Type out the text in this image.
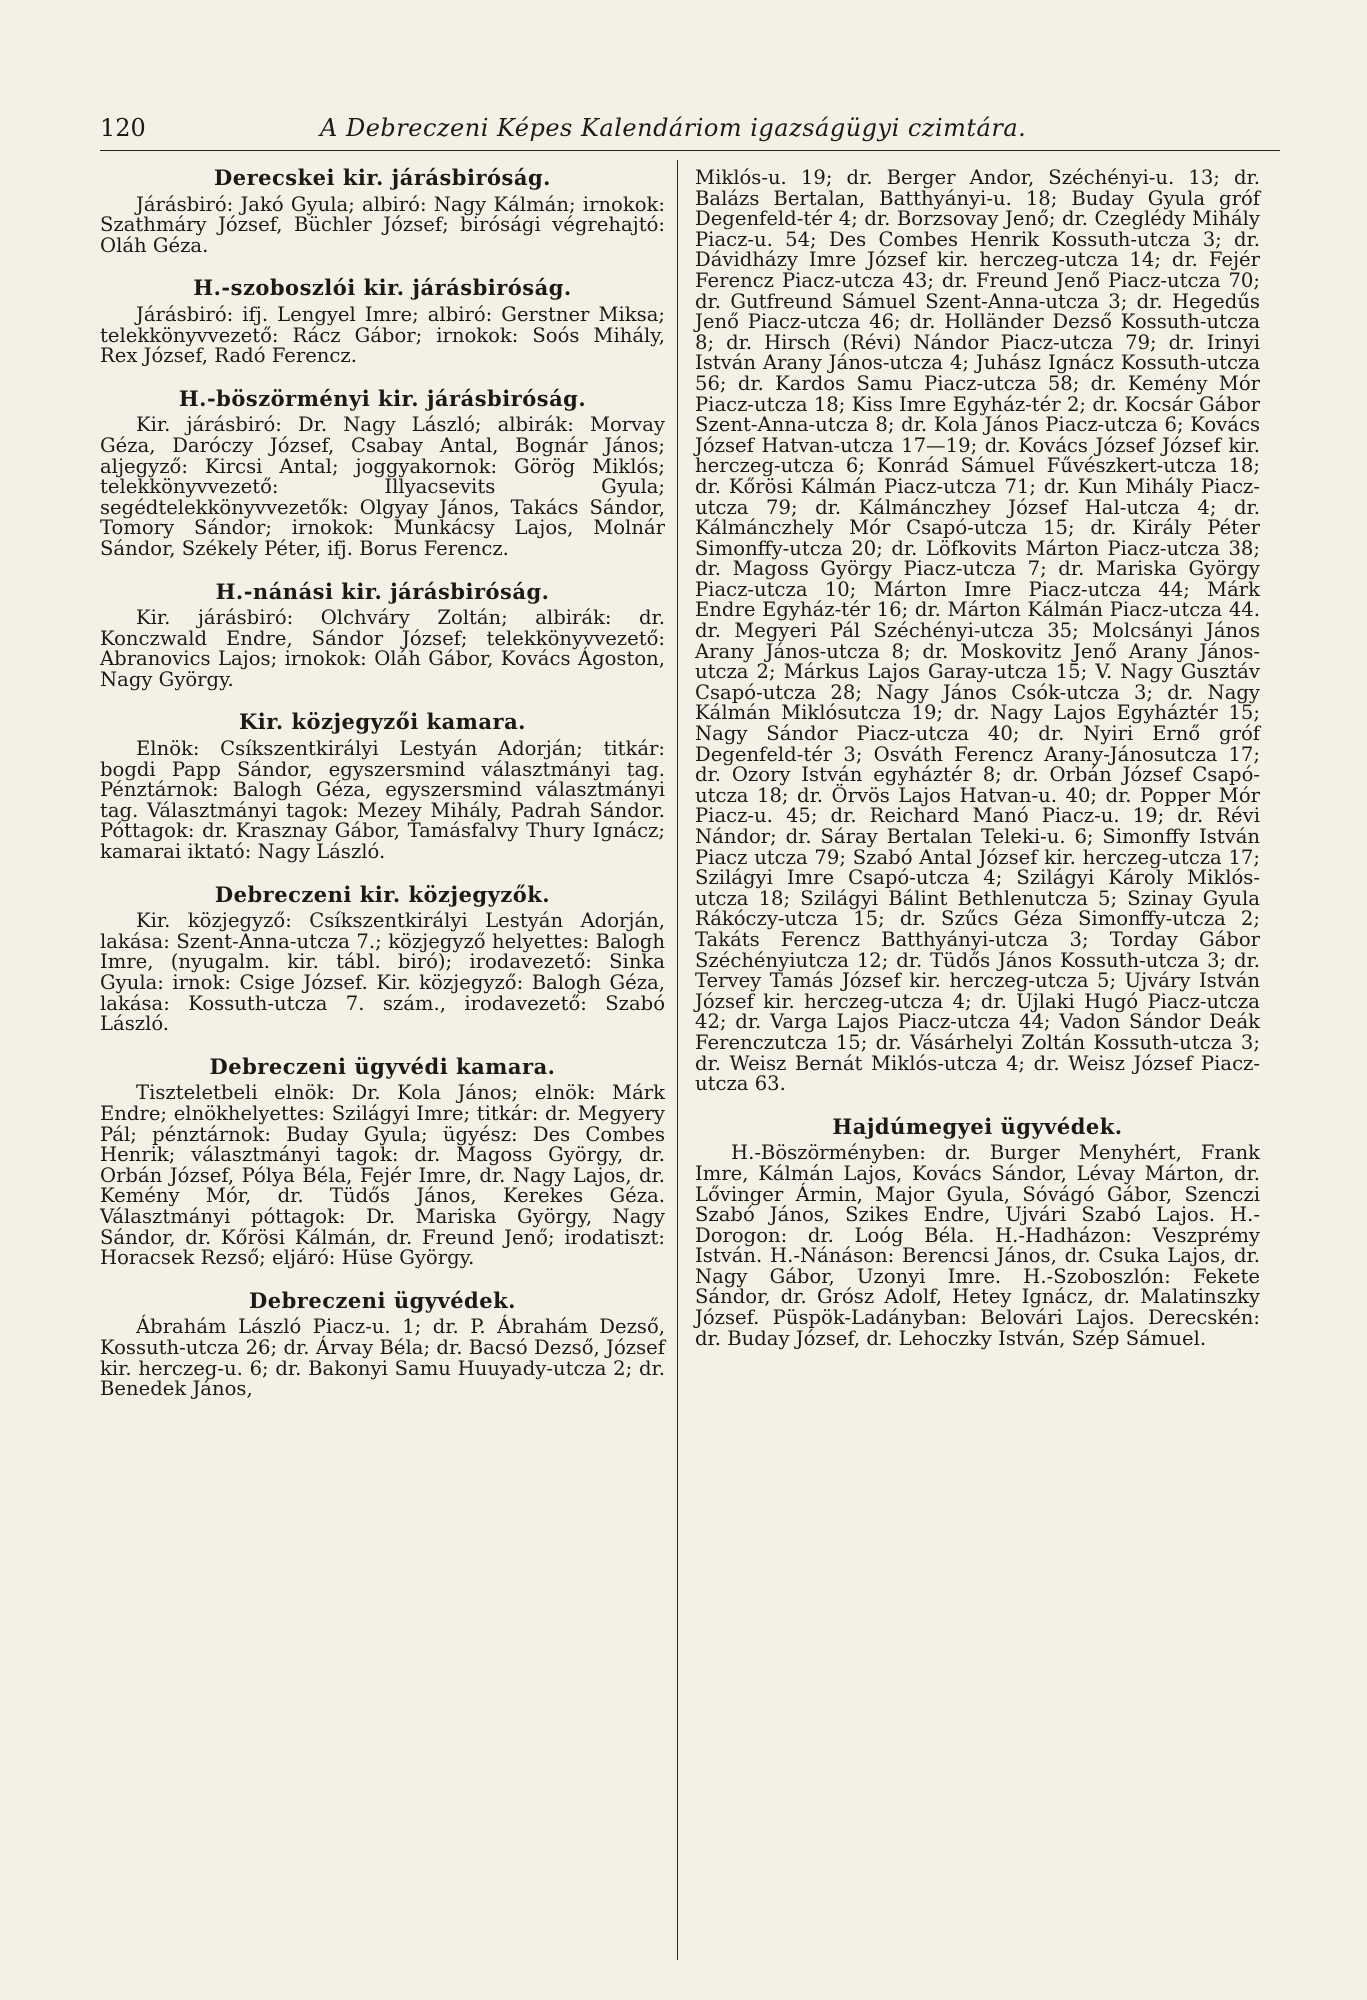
120	A Debreczeni Képes Kalendáriom igazságügyi czimtára.
Derecskei kir. járásbiróság.

Járásbiró: Jakó Gyula; albiró: Nagy Kálmán; irnokok: Szathmáry József, Büchler József; birósági végrehajtó: Oláh Géza.

H.-szoboszlói kir. járásbiróság.

Járásbiró: ifj. Lengyel Imre; albiró: Gerstner Miksa; telekkönyvvezető: Rácz Gábor; irnokok: Soós Mihály, Rex József, Radó Ferencz.

H.-böszörményi kir. járásbiróság.

Kir. járásbiró: Dr. Nagy László; albirák: Morvay Géza, Daróczy József, Csabay Antal, Bognár János; aljegyző: Kircsi Antal; joggyakornok: Görög Miklós; telekkönyvvezető: Illyacsevits Gyula; segédtelekkönyvvezetők: Olgyay János, Takács Sándor, Tomory Sándor; irnokok: Munkácsy Lajos, Molnár Sándor, Székely Péter, ifj. Borus Ferencz.

H.-nánási kir. járásbiróság.

Kir. járásbiró: Olchváry Zoltán; albirák: dr. Konczwald Endre, Sándor József; telekkönyvvezető: Abranovics Lajos; irnokok: Oláh Gábor, Kovács Ágoston, Nagy György.

Kir. közjegyzői kamara.

Elnök: Csíkszentkirályi Lestyán Adorján; titkár: bogdi Papp Sándor, egyszersmind választmányi tag. Pénztárnok: Balogh Géza, egyszersmind választmányi tag. Választmányi tagok: Mezey Mihály, Padrah Sándor. Póttagok: dr. Krasznay Gábor, Tamásfalvy Thury Ignácz; kamarai iktató: Nagy László.

Debreczeni kir. közjegyzők.

Kir. közjegyző: Csíkszentkirályi Lestyán Adorján, lakása: Szent-Anna-utcza 7.; közjegyző helyettes: Balogh Imre, (nyugalm. kir. tábl. biró); irodavezető: Sinka Gyula: irnok: Csige József. Kir. közjegyző: Balogh Géza, lakása: Kossuth-utcza 7. szám., irodavezető: Szabó László.

Debreczeni ügyvédi kamara.

Tiszteletbeli elnök: Dr. Kola János; elnök: Márk Endre; elnökhelyettes: Szilágyi Imre; titkár: dr. Megyery Pál; pénztárnok: Buday Gyula; ügyész: Des Combes Henrik; választmányi tagok: dr. Magoss György, dr. Orbán József, Pólya Béla, Fejér Imre, dr. Nagy Lajos, dr. Kemény Mór, dr. Tüdős János, Kerekes Géza. Választmányi póttagok: Dr. Mariska György, Nagy Sándor, dr. Kőrösi Kálmán, dr. Freund Jenő; irodatiszt: Horacsek Rezső; eljáró: Hüse György.

Debreczeni ügyvédek.

Ábrahám László Piacz-u. 1; dr. P. Ábrahám Dezső, Kossuth-utcza 26; dr. Árvay Béla; dr. Bacsó Dezső, József kir. herczeg-u. 6; dr. Bakonyi Samu Huuyady-utcza 2; dr. Benedek János,

Miklós-u. 19; dr. Berger Andor, Széchényi-u. 13; dr. Balázs Bertalan, Batthyányi-u. 18; Buday Gyula gróf Degenfeld-tér 4; dr. Borzsovay Jenő; dr. Czeglédy Mihály Piacz-u. 54; Des Combes Henrik Kossuth-utcza 3; dr. Dávidházy Imre József kir. herczeg-utcza 14; dr. Fejér Ferencz Piacz-utcza 43; dr. Freund Jenő Piacz-utcza 70; dr. Gutfreund Sámuel Szent-Anna-utcza 3; dr. Hegedűs Jenő Piacz-utcza 46; dr. Holländer Dezső Kossuth-utcza 8; dr. Hirsch (Révi) Nándor Piacz-utcza 79; dr. Irinyi István Arany János-utcza 4; Juhász Ignácz Kossuth-utcza 56; dr. Kardos Samu Piacz-utcza 58; dr. Kemény Mór Piacz-utcza 18; Kiss Imre Egyház-tér 2; dr. Kocsár Gábor Szent-Anna-utcza 8; dr. Kola János Piacz-utcza 6; Kovács József Hatvan-utcza 17—19; dr. Kovács József József kir. herczeg-utcza 6; Konrád Sámuel Fűvészkert-utcza 18; dr. Kőrösi Kálmán Piacz-utcza 71; dr. Kun Mihály Piacz-utcza 79; dr. Kálmánczhey József Hal-utcza 4; dr. Kálmánczhely Mór Csapó-utcza 15; dr. Király Péter Simonffy-utcza 20; dr. Löfkovits Márton Piacz-utcza 38; dr. Magoss György Piacz-utcza 7; dr. Mariska György Piacz-utcza 10; Márton Imre Piacz-utcza 44; Márk Endre Egyház-tér 16; dr. Márton Kálmán Piacz-utcza 44. dr. Megyeri Pál Széchényi-utcza 35; Molcsányi János Arany János-utcza 8; dr. Moskovitz Jenő Arany János-utcza 2; Márkus Lajos Garay-utcza 15; V. Nagy Gusztáv Csapó-utcza 28; Nagy János Csók-utcza 3; dr. Nagy Kálmán Miklósutcza 19; dr. Nagy Lajos Egyháztér 15; Nagy Sándor Piacz-utcza 40; dr. Nyiri Ernő gróf Degenfeld-tér 3; Osváth Ferencz Arany-Jánosutcza 17; dr. Ozory István egyháztér 8; dr. Orbán József Csapó-utcza 18; dr. Örvös Lajos Hatvan-u. 40; dr. Popper Mór Piacz-u. 45; dr. Reichard Manó Piacz-u. 19; dr. Révi Nándor; dr. Sáray Bertalan Teleki-u. 6; Simonffy István Piacz utcza 79; Szabó Antal József kir. herczeg-utcza 17; Szilágyi Imre Csapó-utcza 4; Szilágyi Károly Miklós-utcza 18; Szilágyi Bálint Bethlenutcza 5; Szinay Gyula Rákóczy-utcza 15; dr. Szűcs Géza Simonffy-utcza 2; Takáts Ferencz Batthyányi-utcza 3; Torday Gábor Széchényiutcza 12; dr. Tüdős János Kossuth-utcza 3; dr. Tervey Tamás József kir. herczeg-utcza 5; Ujváry István József kir. herczeg-utcza 4; dr. Ujlaki Hugó Piacz-utcza 42; dr. Varga Lajos Piacz-utcza 44; Vadon Sándor Deák Ferenczutcza 15; dr. Vásárhelyi Zoltán Kossuth-utcza 3; dr. Weisz Bernát Miklós-utcza 4; dr. Weisz József Piacz-utcza 63.

Hajdúmegyei ügyvédek.

H.-Böszörményben: dr. Burger Menyhért, Frank Imre, Kálmán Lajos, Kovács Sándor, Lévay Márton, dr. Lővinger Ármin, Major Gyula, Sóvágó Gábor, Szenczi Szabó János, Szikes Endre, Ujvári Szabó Lajos. H.-Dorogon: dr. Loóg Béla. H.-Hadházon: Veszprémy István. H.-Nánáson: Berencsi János, dr. Csuka Lajos, dr. Nagy Gábor, Uzonyi Imre. H.-Szoboszlón: Fekete Sándor, dr. Grósz Adolf, Hetey Ignácz, dr. Malatinszky József. Püspök-Ladányban: Belovári Lajos. Derecskén: dr. Buday József, dr. Lehoczky István, Szép Sámuel.
